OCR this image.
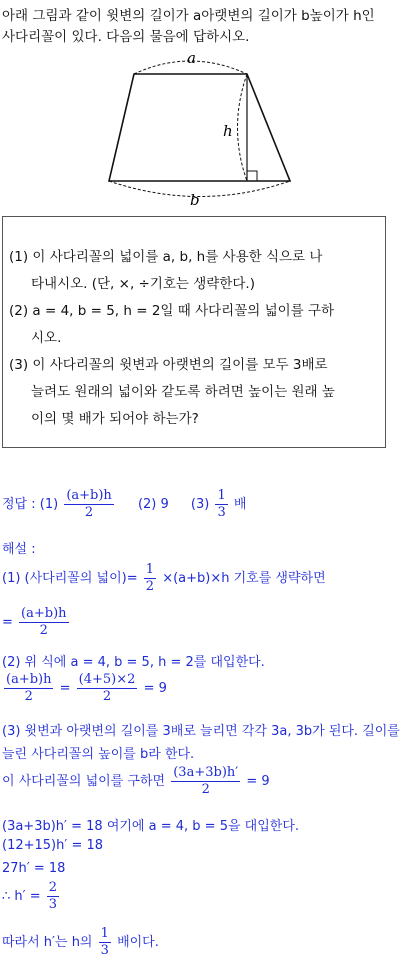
아래 그림과 같이 윗변의 길이가 a아랫변의 길이가 b높이가 h인
사다리꼴이 있다. 다음의 물음에 답하시오.
a
h
b
(1) 이 사다리꼴의 넓이를 a, b, h를 사용한 식으로 나
타내시오. (단, ×, ÷기호는 생략한다.)
(2) a = 4, b = 5, h = 2일 때 사다리꼴의 넓이를 구하
시오.
(3) 이 사다리꼴의 윗변과 아랫변의 길이를 모두 3배로
늘려도 원래의 넓이와 같도록 하려면 높이는 원래 높
이의 몇 배가 되어야 하는가?
정답 : $(1) \frac{(a+b)h}{2} (2)$ 9 $(3) \frac{1}{3}$ 배
해설 :
(1) (사다리꼴의 넓이)= $\frac{1}{2} \times(a+b)\times h$ 기호를 생략하면
= $\frac{(a+b)h}{2}$
(2) 위 식에 a = 4, b = 5, h = 2를 대입한다.
$\frac{(a+b)h}{2} = \frac{(4+5)\times 2}{2} = 9$
(3) 윗변과 아랫변의 길이를 3배로 늘리면 각각 3a, 3b가 된다. 길이를
늘린 사다리꼴의 높이를 b라 한다.
이 사다리꼴의 넓이를 구하면 $\frac{(3a+3b)h'}{2} = 9$
(3a+3b)h′ = 18 여기에 a = 4, b = 5을 대입한다.
(12+15)h′ = 18
27h′ = 18
∴ $h' = \frac{2}{3}$
따라서 h′는 h의 $\frac{1}{3}$ 배이다.
